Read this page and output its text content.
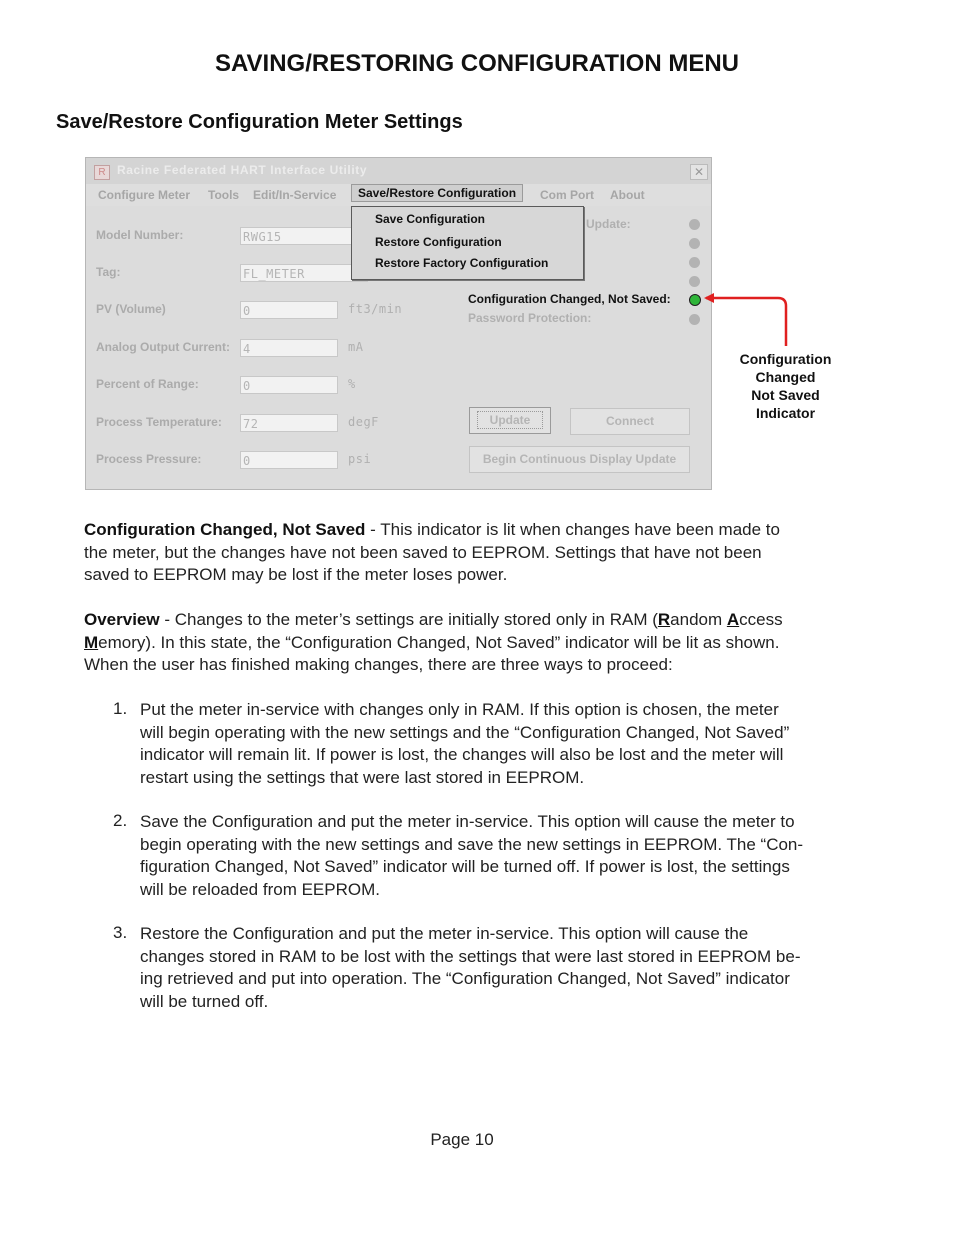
SAVING/RESTORING CONFIGURATION MENU
Save/Restore Configuration Meter Settings
R Racine Federated HART Interface Utility	✕
Configure Meter Tools Edit/In-Service	Save/Restore Configuration	Com Port About
Model Number:	RWG15
Tag:	FL_METER
PV (Volume)	0	ft3/min
Analog Output Current: 4	mA
Percent of Range:	0	%
Process Temperature: 72	degF
Process Pressure:	0	psi
Update:
Configuration Changed, Not Saved:
Password Protection:
Update	Connect
Begin Continuous Display Update
Save Configuration
Restore Configuration
Restore Factory Configuration
Configuration
Changed
Not Saved
Indicator
Configuration Changed, Not Saved - This indicator is lit when changes have been made to
the meter, but the changes have not been saved to EEPROM. Settings that have not been
saved to EEPROM may be lost if the meter loses power.
Overview - Changes to the meter’s settings are initially stored only in RAM (Random Access
Memory). In this state, the “Configuration Changed, Not Saved” indicator will be lit as shown.
When the user has finished making changes, there are three ways to proceed:
1. Put the meter in-service with changes only in RAM. If this option is chosen, the meter
will begin operating with the new settings and the “Configuration Changed, Not Saved”
indicator will remain lit. If power is lost, the changes will also be lost and the meter will
restart using the settings that were last stored in EEPROM.
2. Save the Configuration and put the meter in-service. This option will cause the meter to
begin operating with the new settings and save the new settings in EEPROM. The “Con-
figuration Changed, Not Saved” indicator will be turned off. If power is lost, the settings
will be reloaded from EEPROM.
3. Restore the Configuration and put the meter in-service. This option will cause the
changes stored in RAM to be lost with the settings that were last stored in EEPROM be-
ing retrieved and put into operation. The “Configuration Changed, Not Saved” indicator
will be turned off.
Page 10
